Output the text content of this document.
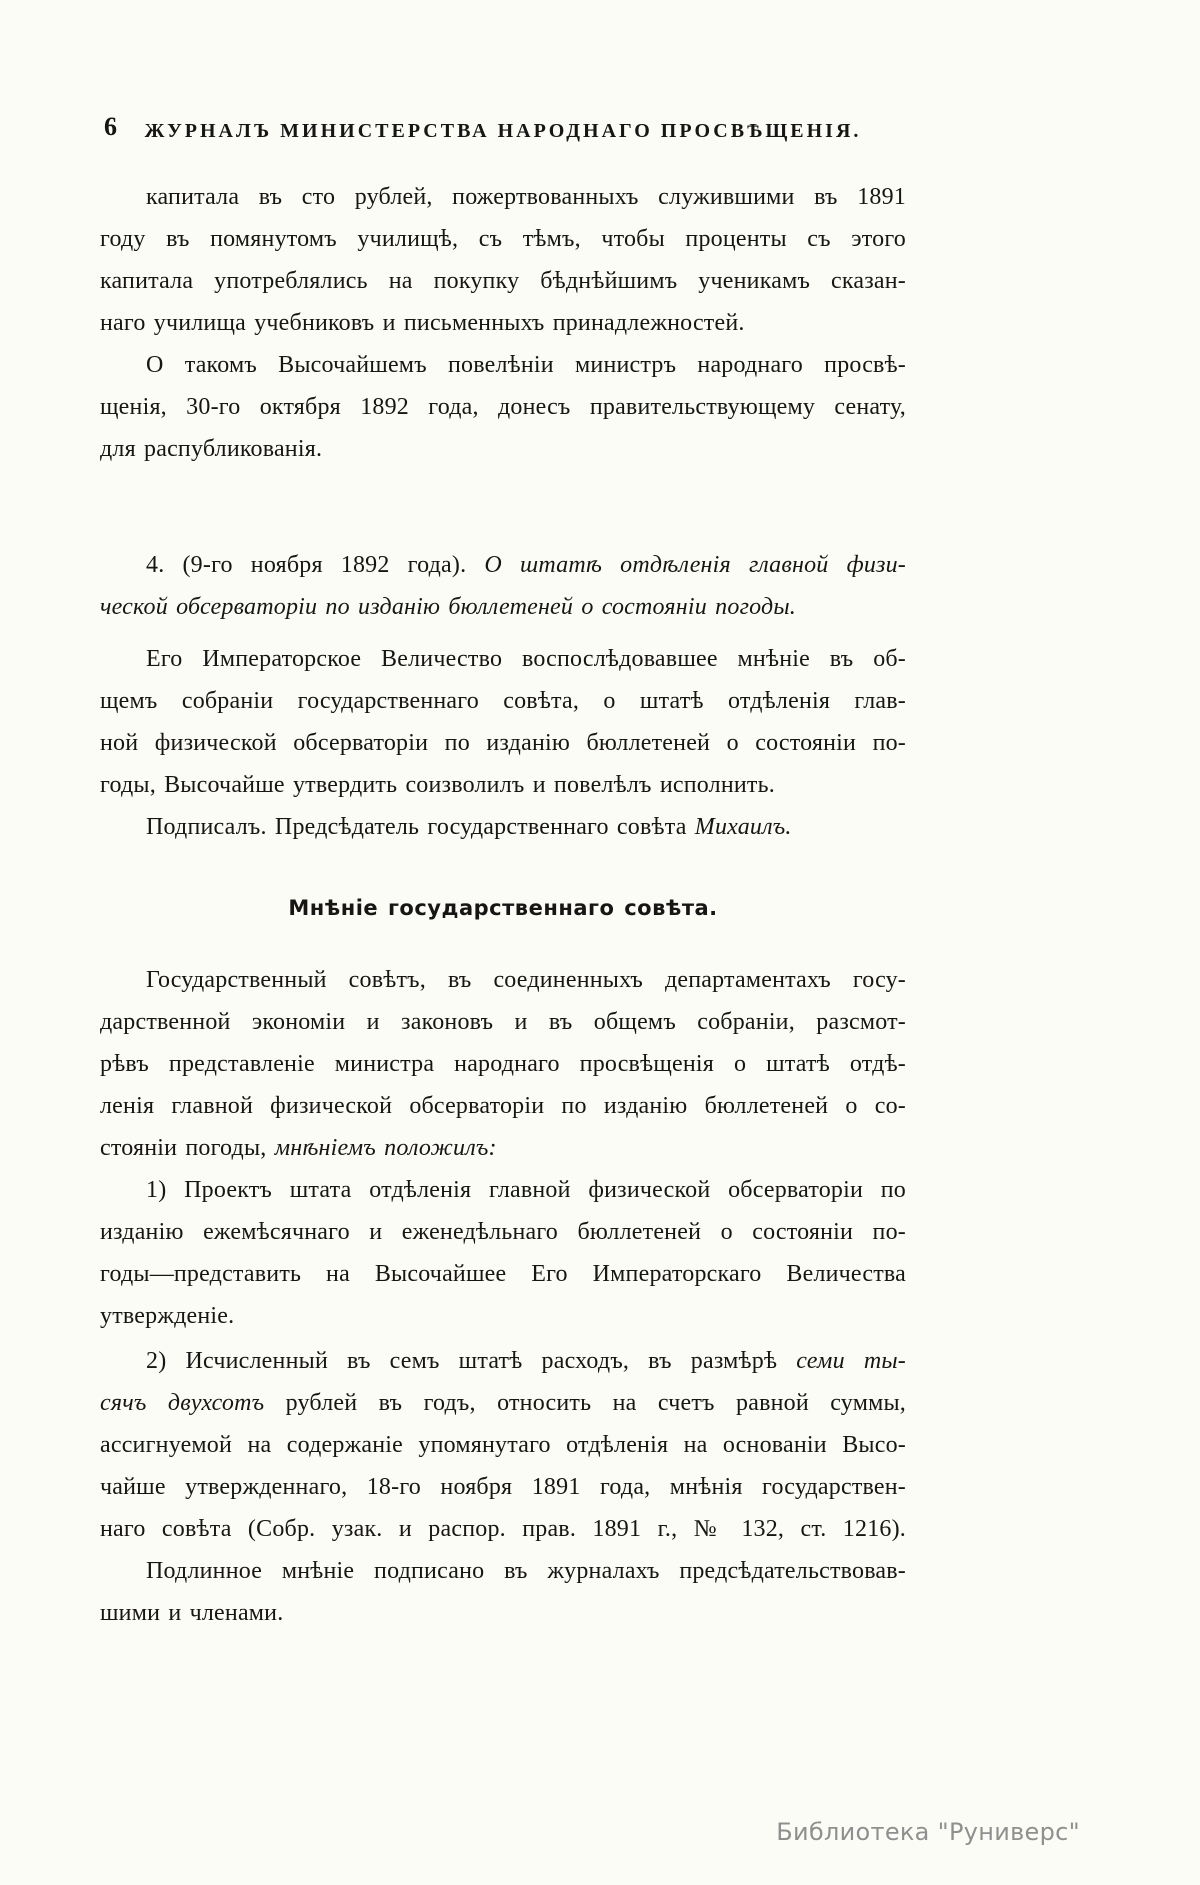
6	ЖУРНАЛЪ МИНИСТЕРСТВА НАРОДНАГО ПРОСВѢЩЕНІЯ.
капитала въ сто рублей, пожертвованныхъ служившими въ 1891
году въ помянутомъ училищѣ, съ тѣмъ, чтобы проценты съ этого
капитала употреблялись на покупку бѣднѣйшимъ ученикамъ сказан-
наго училища учебниковъ и письменныхъ принадлежностей.
О такомъ Высочайшемъ повелѣніи министръ народнаго просвѣ-
щенія, 30-го октября 1892 года, донесъ правительствующему сенату,
для распубликованія.
4. (9-го ноября 1892 года). О штатѣ отдѣленія главной физи-
ческой обсерваторіи по изданію бюллетеней о состояніи погоды.
Его Императорское Величество воспослѣдовавшее мнѣніе въ об-
щемъ собраніи государственнаго совѣта, о штатѣ отдѣленія глав-
ной физической обсерваторіи по изданію бюллетеней о состояніи по-
годы, Высочайше утвердить соизволилъ и повелѣлъ исполнить.
Подписалъ. Предсѣдатель государственнаго совѣта Михаилъ.
Мнѣніе государственнаго совѣта.
Государственный совѣтъ, въ соединенныхъ департаментахъ госу-
дарственной экономіи и законовъ и въ общемъ собраніи, разсмот-
рѣвъ представленіе министра народнаго просвѣщенія о штатѣ отдѣ-
ленія главной физической обсерваторіи по изданію бюллетеней о со-
стояніи погоды, мнѣніемъ положилъ:
1) Проектъ штата отдѣленія главной физической обсерваторіи по
изданію ежемѣсячнаго и еженедѣльнаго бюллетеней о состояніи по-
годы—представить на Высочайшее Его Императорскаго Величества
утвержденіе.
2) Исчисленный въ семъ штатѣ расходъ, въ размѣрѣ семи ты-
сячъ двухсотъ рублей въ годъ, относить на счетъ равной суммы,
ассигнуемой на содержаніе упомянутаго отдѣленія на основаніи Высо-
чайше утвержденнаго, 18-го ноября 1891 года, мнѣнія государствен-
наго совѣта (Собр. узак. и распор. прав. 1891 г., № 132, ст. 1216).
Подлинное мнѣніе подписано въ журналахъ предсѣдательствовав-
шими и членами.
Библиотека "Руниверс"
